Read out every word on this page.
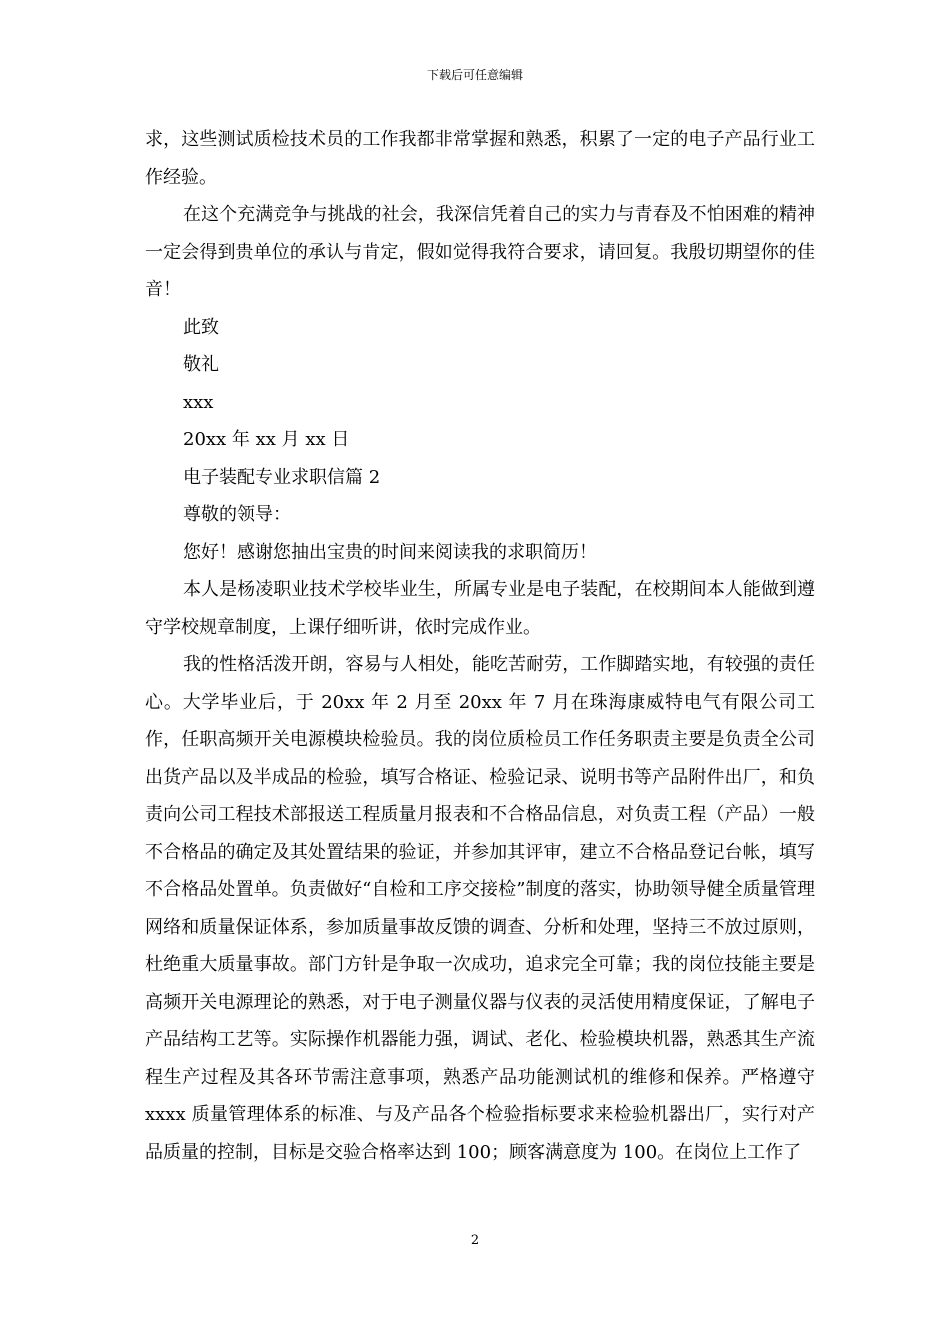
下载后可任意编辑

求，这些测试质检技术员的工作我都非常掌握和熟悉，积累了一定的电子产品行业工作经验。

在这个充满竞争与挑战的社会，我深信凭着自己的实力与青春及不怕困难的精神一定会得到贵单位的承认与肯定，假如觉得我符合要求，请回复。我殷切期望你的佳音！

此致

敬礼

xxx

20xx 年 xx 月 xx 日

电子装配专业求职信篇 2

尊敬的领导：

您好！感谢您抽出宝贵的时间来阅读我的求职简历！

本人是杨凌职业技术学校毕业生，所属专业是电子装配，在校期间本人能做到遵守学校规章制度，上课仔细听讲，依时完成作业。

我的性格活泼开朗，容易与人相处，能吃苦耐劳，工作脚踏实地，有较强的责任心。大学毕业后，于 20xx 年 2 月至 20xx 年 7 月在珠海康威特电气有限公司工作，任职高频开关电源模块检验员。我的岗位质检员工作任务职责主要是负责全公司出货产品以及半成品的检验，填写合格证、检验记录、说明书等产品附件出厂，和负责向公司工程技术部报送工程质量月报表和不合格品信息，对负责工程（产品）一般不合格品的确定及其处置结果的验证，并参加其评审，建立不合格品登记台帐，填写不合格品处置单。负责做好“自检和工序交接检”制度的落实，协助领导健全质量管理网络和质量保证体系，参加质量事故反馈的调查、分析和处理，坚持三不放过原则，杜绝重大质量事故。部门方针是争取一次成功，追求完全可靠；我的岗位技能主要是高频开关电源理论的熟悉，对于电子测量仪器与仪表的灵活使用精度保证，了解电子产品结构工艺等。实际操作机器能力强，调试、老化、检验模块机器，熟悉其生产流程生产过程及其各环节需注意事项，熟悉产品功能测试机的维修和保养。严格遵守 xxxx 质量管理体系的标准、与及产品各个检验指标要求来检验机器出厂，实行对产品质量的控制，目标是交验合格率达到 100；顾客满意度为 100。在岗位上工作了

2
